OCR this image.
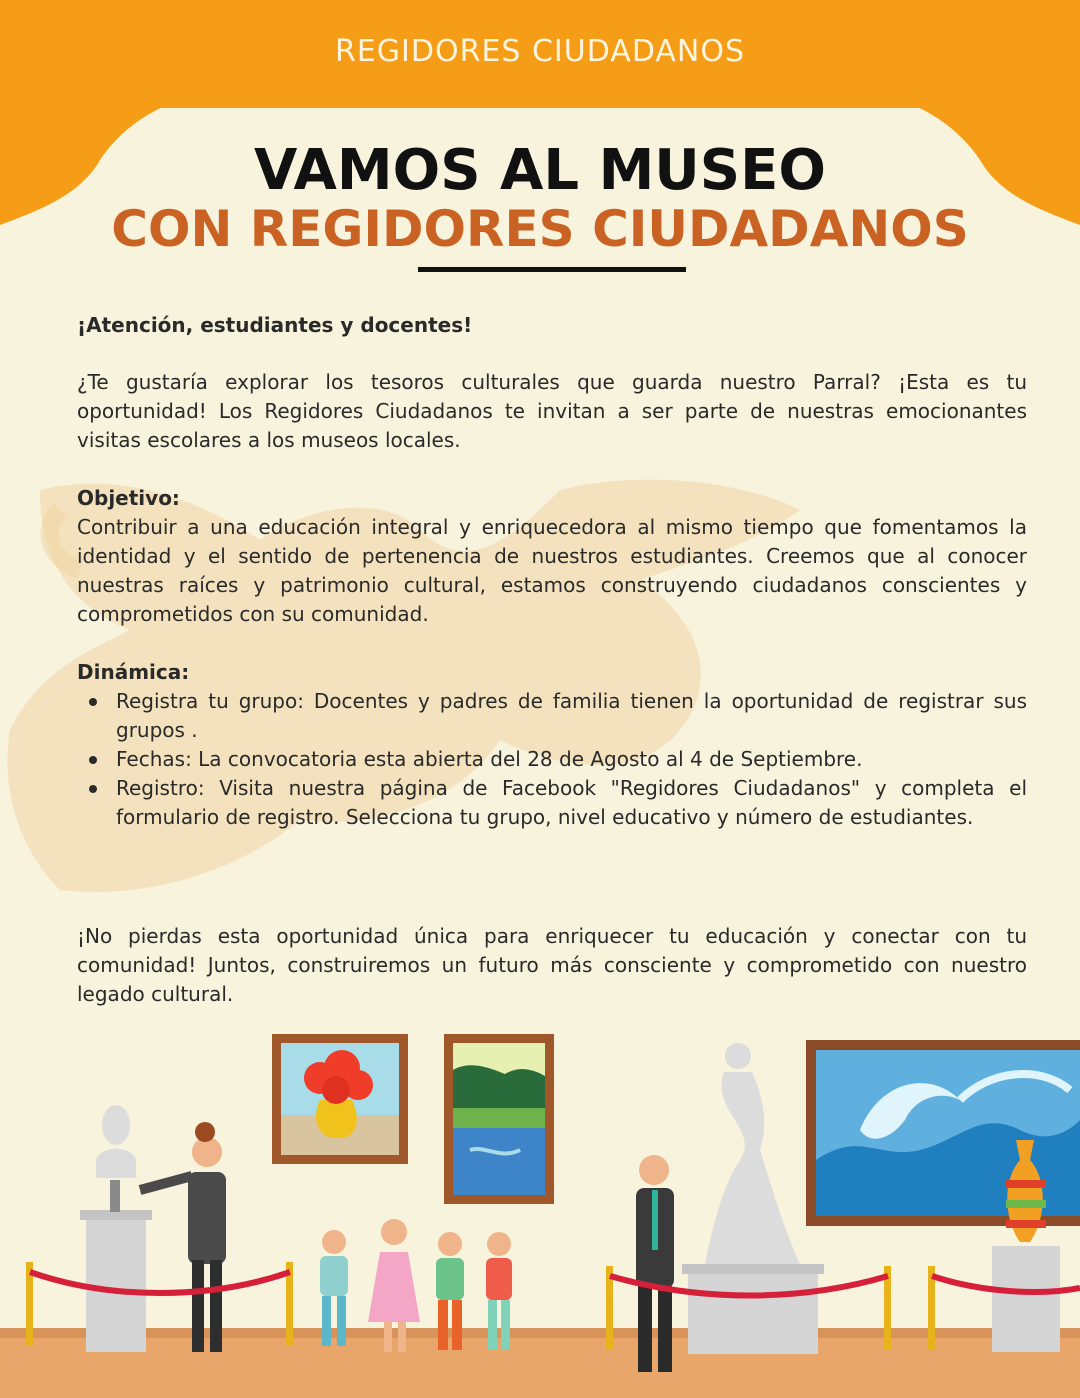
REGIDORES CIUDADANOS
VAMOS AL MUSEO
CON REGIDORES CIUDADANOS
¡Atención, estudiantes y docentes!
¿Te gustaría explorar los tesoros culturales que guarda nuestro Parral? ¡Esta es tu oportunidad! Los Regidores Ciudadanos te invitan a ser parte de nuestras emocionantes visitas escolares a los museos locales.
Objetivo:
Contribuir a una educación integral y enriquecedora al mismo tiempo que fomentamos la identidad y el sentido de pertenencia de nuestros estudiantes. Creemos que al conocer nuestras raíces y patrimonio cultural, estamos construyendo ciudadanos conscientes y comprometidos con su comunidad.
Dinámica:
Registra tu grupo: Docentes y padres de familia tienen la oportunidad de registrar sus grupos .
Fechas: La convocatoria esta abierta del 28 de Agosto al 4 de Septiembre.
Registro: Visita nuestra página de Facebook "Regidores Ciudadanos" y completa el formulario de registro. Selecciona tu grupo, nivel educativo y número de estudiantes.
¡No pierdas esta oportunidad única para enriquecer tu educación y conectar con tu comunidad! Juntos, construiremos un futuro más consciente y comprometido con nuestro legado cultural.
